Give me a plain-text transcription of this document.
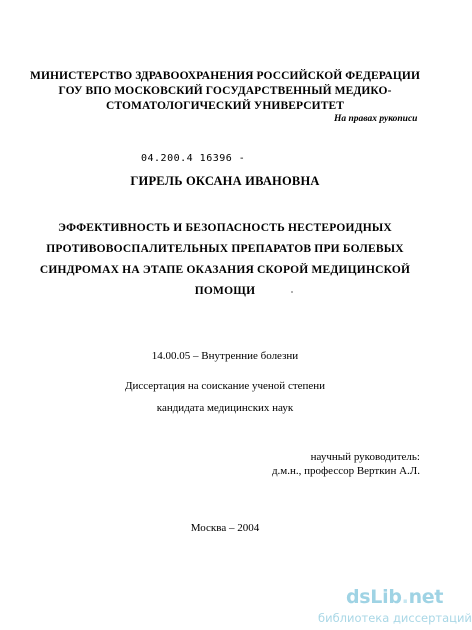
МИНИСТЕРСТВО ЗДРАВООХРАНЕНИЯ РОССИЙСКОЙ ФЕДЕРАЦИИ
ГОУ ВПО МОСКОВСКИЙ ГОСУДАРСТВЕННЫЙ МЕДИКО-
СТОМАТОЛОГИЧЕСКИЙ УНИВЕРСИТЕТ
На правах рукописи
04.200.4 16396 -
ГИРЕЛЬ ОКСАНА ИВАНОВНА
ЭФФЕКТИВНОСТЬ И БЕЗОПАСНОСТЬ НЕСТЕРОИДНЫХ
ПРОТИВОВОСПАЛИТЕЛЬНЫХ ПРЕПАРАТОВ ПРИ БОЛЕВЫХ
СИНДРОМАХ НА ЭТАПЕ ОКАЗАНИЯ СКОРОЙ МЕДИЦИНСКОЙ
ПОМОЩИ
14.00.05 – Внутренние болезни
Диссертация на соискание ученой степени
кандидата медицинских наук
научный руководитель:
д.м.н., профессор Верткин А.Л.
Москва – 2004
dsLib.net
библиотека диссертаций
